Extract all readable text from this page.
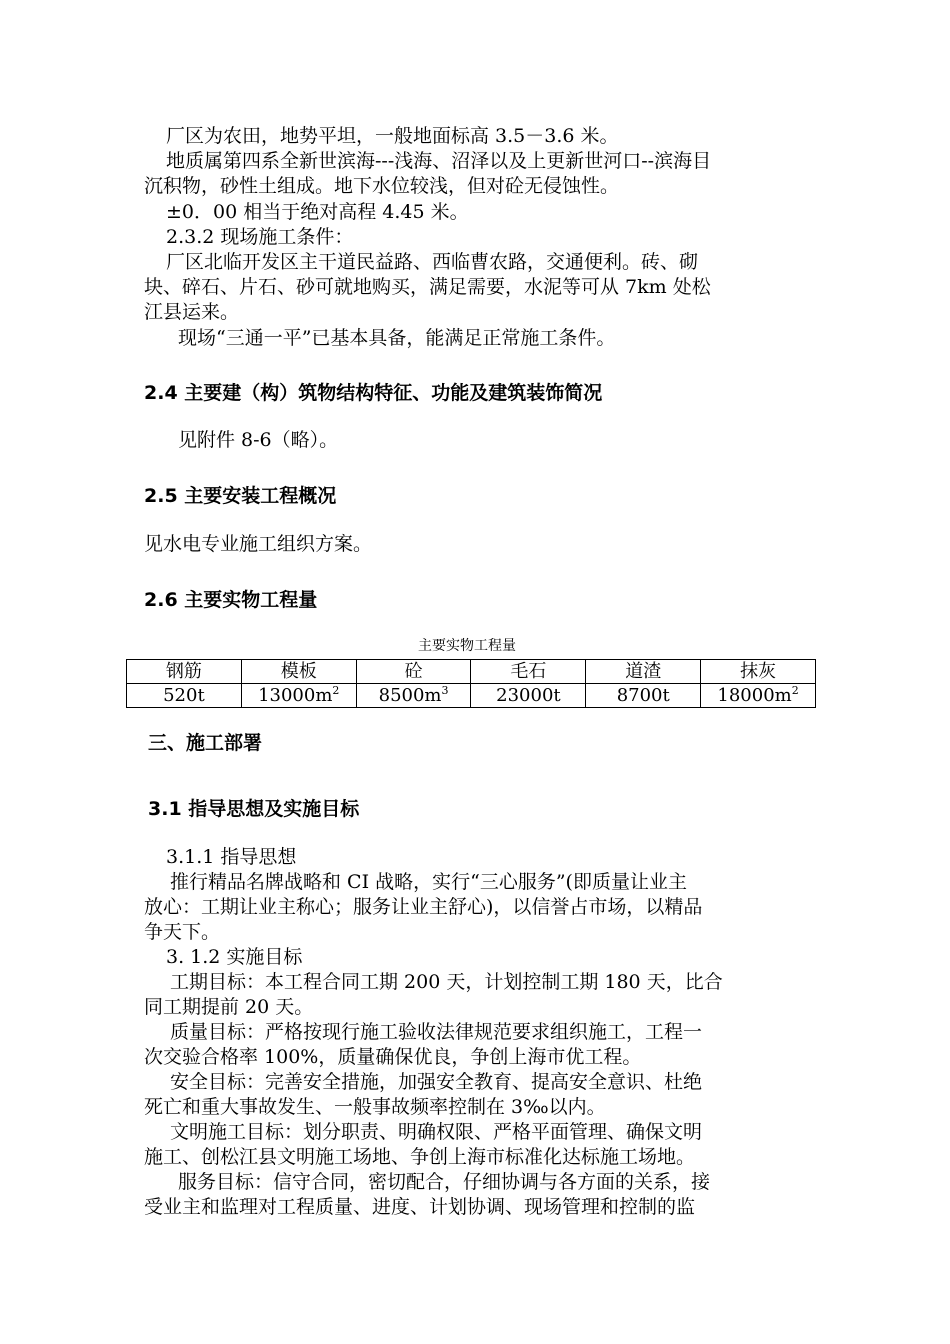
厂区为农田，地势平坦，一般地面标高 3.5－3.6 米。
地质属第四系全新世滨海---浅海、沼泽以及上更新世河口--滨海目
沉积物，砂性土组成。地下水位较浅，但对砼无侵蚀性。
±0．00 相当于绝对高程 4.45 米。
2.3.2 现场施工条件：
厂区北临开发区主干道民益路、西临曹农路，交通便利。砖、砌
块、碎石、片石、砂可就地购买，满足需要，水泥等可从 7km 处松
江县运来。
现场“三通一平”已基本具备，能满足正常施工条件。
2.4 主要建（构）筑物结构特征、功能及建筑装饰简况
见附件 8-6（略）。
2.5 主要安装工程概况
见水电专业施工组织方案。
2.6 主要实物工程量
主要实物工程量
钢筋	模板	砼	毛石	道渣	抹灰
520t	$13000m^2$	$8500m^3$	23000t	8700t	$18000m^2$
三、施工部署
3.1 指导思想及实施目标
3.1.1 指导思想
推行精品名牌战略和 CI 战略，实行“三心服务”(即质量让业主
放心：工期让业主称心；服务让业主舒心)，以信誉占市场，以精品
争天下。
3. 1.2 实施目标
工期目标：本工程合同工期 200 天，计划控制工期 180 天，比合
同工期提前 20 天。
质量目标：严格按现行施工验收法律规范要求组织施工，工程一
次交验合格率 100%，质量确保优良，争创上海市优工程。
安全目标：完善安全措施，加强安全教育、提高安全意识、杜绝
死亡和重大事故发生、一般事故频率控制在 3‰以内。
文明施工目标：划分职责、明确权限、严格平面管理、确保文明
施工、创松江县文明施工场地、争创上海市标准化达标施工场地。
服务目标：信守合同，密切配合，仔细协调与各方面的关系，接
受业主和监理对工程质量、进度、计划协调、现场管理和控制的监
